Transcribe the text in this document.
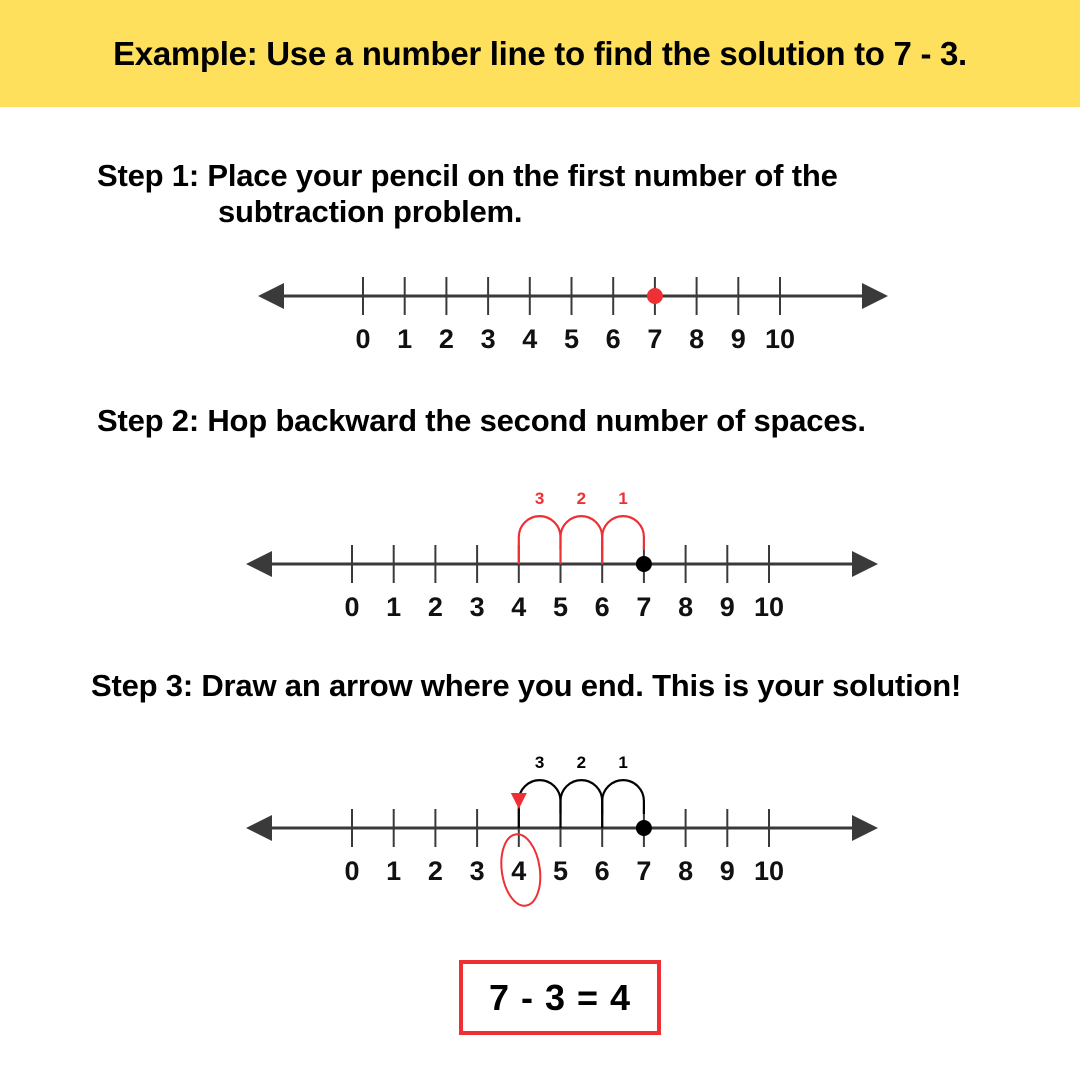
Example: Use a number line to find the solution to 7 - 3.
Step 1: Place your pencil on the first number of the
subtraction problem.
0 1 2 3 4 5 6 7 8 9 10
Step 2: Hop backward the second number of spaces.
0 1 2 3 4 5 6 7 8 9 10
1
2
3
Step 3: Draw an arrow where you end. This is your solution!
0 1 2 3 4 5 6 7 8 9 10
1
2
3
7 - 3 = 4
